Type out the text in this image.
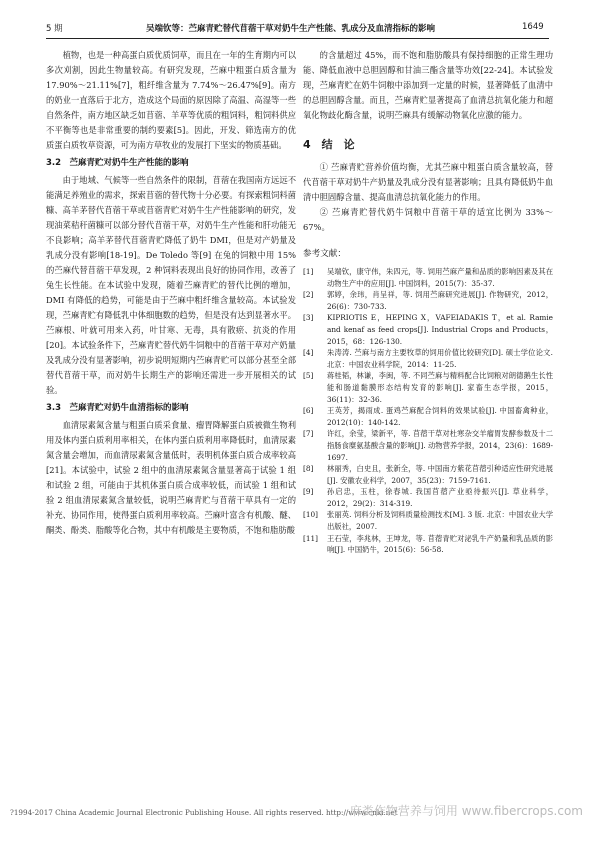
5 期	吴端钦等：苎麻青贮替代苜蓿干草对奶牛生产性能、乳成分及血清指标的影响	1649

植物，也是一种高蛋白质优质饲草，而且在一年的生育期内可以多次刈割，因此生物量较高。有研究发现，苎麻中粗蛋白质含量为 17.90%～21.11%[7]，粗纤维含量为 7.74%～26.47%[9]。南方的奶业一直落后于北方，造成这个局面的原因除了高温、高湿等一些自然条件，南方地区缺乏如苜蓿、羊草等优质的粗饲料，粗饲料供应不平衡等也是非常重要的制约要素[5]。因此，开发、筛选南方的优质蛋白质牧草资源，可为南方草牧业的发展打下坚实的物质基础。

3.2　苎麻青贮对奶牛生产性能的影响

由于地域、气候等一些自然条件的限制，苜蓿在我国南方远远不能满足养殖业的需求，探索苜蓿的替代物十分必要。有探索粗饲料菌糠、高羊茅替代苜蓿干草或苜蓿青贮对奶牛生产性能影响的研究，发现油菜秸秆菌糠可以部分替代苜蓿干草，对奶牛生产性能和肝功能无不良影响；高羊茅替代苜蓿青贮降低了奶牛 DMI，但是对产奶量及乳成分没有影响[18-19]。De Toledo 等[9] 在兔的饲粮中用 15%的苎麻代替苜蓿干草发现，2 种饲料表现出良好的协同作用，改善了兔生长性能。在本试验中发现，随着苎麻青贮的替代比例的增加，DMI 有降低的趋势，可能是由于苎麻中粗纤维含量较高。本试验发现，苎麻青贮有降低乳中体细胞数的趋势，但是没有达到显著水平。苎麻根、叶就可用来入药，叶甘寒、无毒，具有散瘀、抗炎的作用[20]。本试验条件下，苎麻青贮替代奶牛饲粮中的苜蓿干草对产奶量及乳成分没有显著影响，初步说明短期内苎麻青贮可以部分甚至全部替代苜蓿干草，而对奶牛长期生产的影响还需进一步开展相关的试验。

3.3　苎麻青贮对奶牛血清指标的影响

血清尿素氮含量与粗蛋白质采食量、瘤胃降解蛋白质被微生物利用及体内蛋白质利用率相关，在体内蛋白质利用率降低时，血清尿素氮含量会增加，而血清尿素氮含量低时，表明机体蛋白质合成率较高[21]。本试验中，试验 2 组中的血清尿素氮含量显著高于试验 1 组和试验 2 组，可能由于其机体蛋白质合成率较低，而试验 1 组和试验 2 组血清尿素氮含量较低，说明苎麻青贮与苜蓿干草具有一定的补充、协同作用，使得蛋白质利用率较高。苎麻叶富含有机酸、醚、酮类、酚类、脂酸等化合物，其中有机酸是主要物质，不饱和脂肪酸

的含量超过 45%，而不饱和脂肪酸具有保持细胞的正常生理功能、降低血液中总胆固醇和甘油三酯含量等功效[22-24]。本试验发现，苎麻青贮在奶牛饲粮中添加到一定量的时候，显著降低了血清中的总胆固醇含量。而且，苎麻青贮显著提高了血清总抗氧化能力和超氧化物歧化酶含量，说明苎麻具有缓解动物氧化应激的能力。

4　结　论

① 苎麻青贮营养价值均衡，尤其苎麻中粗蛋白质含量较高，替代苜蓿干草对奶牛产奶量及乳成分没有显著影响；且具有降低奶牛血清中胆固醇含量、提高血清总抗氧化能力的作用。

② 苎麻青贮替代奶牛饲粮中苜蓿干草的适宜比例为 33%～67%。

参考文献：
[1]	吴端钦，康守伟，朱四元，等. 饲用苎麻产量和品质的影响因素及其在动物生产中的应用[J]. 中国饲料，2015(7)：35-37.
[2]	郭婷，余玮，肖呈祥，等. 饲用苎麻研究进展[J]. 作物研究，2012，26(6)：730-733.
[3]	KIPRIOTIS E，HEPING X，VAFEIADAKIS T，et al. Ramie and kenaf as feed crops[J]. Industrial Crops and Products，2015，68：126-130.
[4]	朱涛涛. 苎麻与南方主要牧草的饲用价值比较研究[D]. 硕士学位论文. 北京：中国农业科学院，2014：11-25.
[5]	蒋桂韬，林谦，李闽，等. 不同苎麻与精料配合比饲粮对朗德鹅生长性能和肠道黏膜形态结构发育的影响[J]. 家畜生态学报，2015，36(11)：32-36.
[6]	王英芳，揭雨成. 蛋鸡苎麻配合饲料的效果试验[J]. 中国畜禽种业，2012(10)：140-142.
[7]	许红，余莹，梁新平，等. 苜蓿干草对杜寒杂交羊瘤胃发酵参数及十二指肠食糜氨基酸含量的影响[J]. 动物营养学报，2014，23(6)：1689-1697.
[8]	林丽秀，白史且，张新全，等. 中国南方紫花苜蓿引种适应性研究进展[J]. 安徽农业科学，2007，35(23)：7159-7161.
[9]	孙启忠，玉柱，徐春城. 我国苜蓿产业亟待振兴[J]. 草业科学，2012，29(2)：314-319.
[10]	张丽英. 饲料分析及饲料质量检测技术[M]. 3 版. 北京：中国农业大学出版社，2007.
[11]	王石莹，李兆林，王坤龙，等. 苜蓿青贮对泌乳牛产奶量和乳品质的影响[J]. 中国奶牛，2015(6)：56-58.
?1994-2017 China Academic Journal Electronic Publishing House. All rights reserved. http://www.cnki.net
麻类作物营养与饲用 www.fibercrops.com
